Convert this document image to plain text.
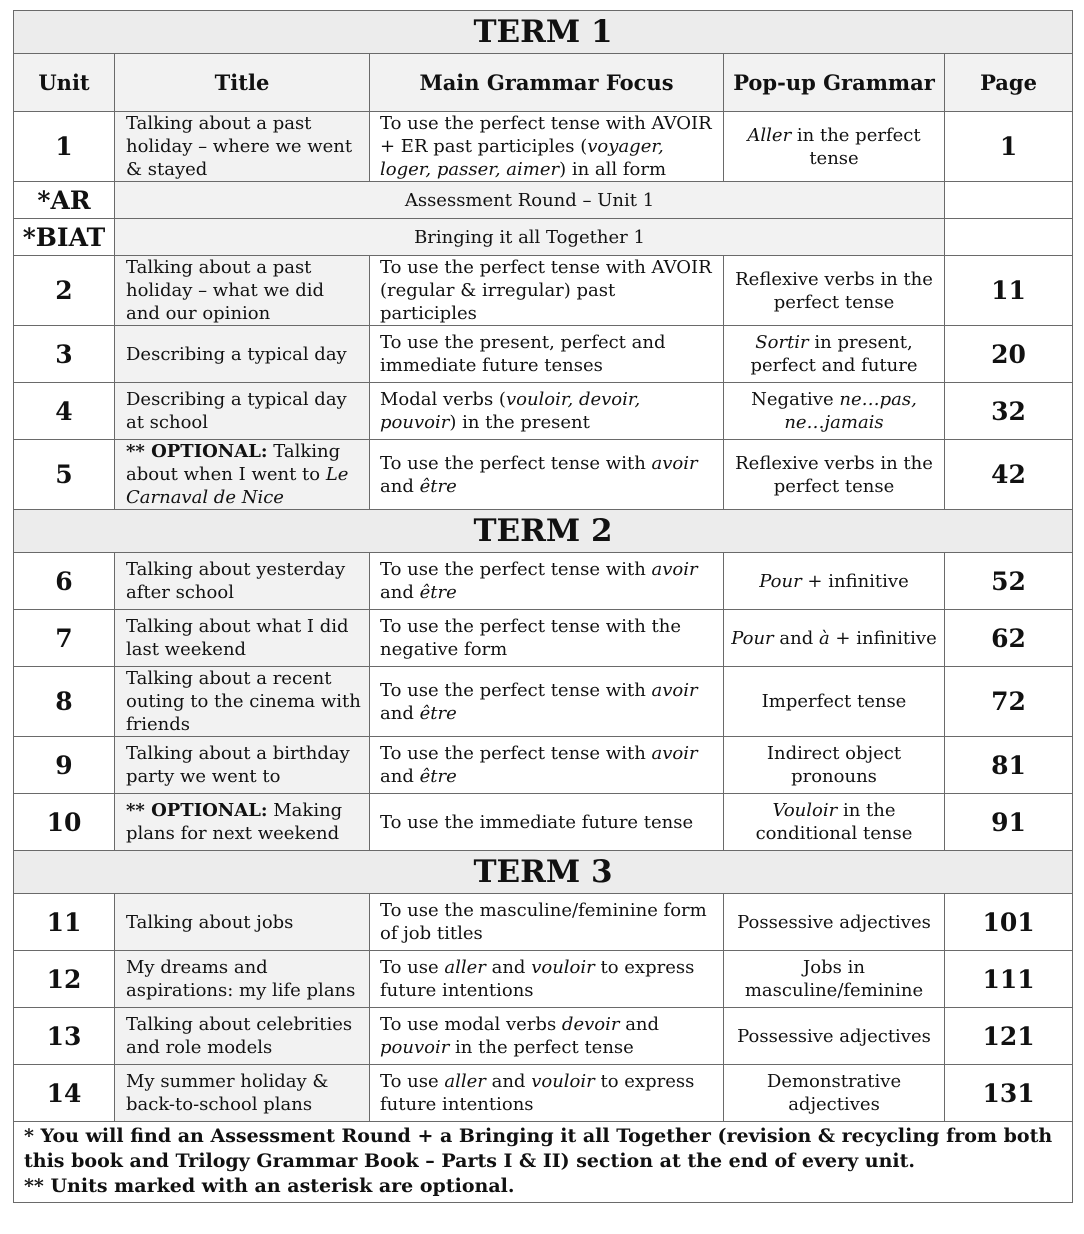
TERM 1				
Unit	Title	Main Grammar Focus	Pop-up Grammar	Page
1	Talking about a past holiday – where we went & stayed	To use the perfect tense with AVOIR + ER past participles (voyager, loger, passer, aimer) in all form	Aller in the perfect tense	1
*AR	Assessment Round – Unit 1			
*BIAT	Bringing it all Together 1			
2	Talking about a past holiday – what we did and our opinion	To use the perfect tense with AVOIR (regular & irregular) past participles	Reflexive verbs in the perfect tense	11
3	Describing a typical day	To use the present, perfect and immediate future tenses	Sortir in present, perfect and future	20
4	Describing a typical day at school	Modal verbs (vouloir, devoir, pouvoir) in the present	Negative ne…pas, ne…jamais	32
5	** OPTIONAL: Talking about when I went to Le Carnaval de Nice	To use the perfect tense with avoir and être	Reflexive verbs in the perfect tense	42
TERM 2				
6	Talking about yesterday after school	To use the perfect tense with avoir and être	Pour + infinitive	52
7	Talking about what I did last weekend	To use the perfect tense with the negative form	Pour and à + infinitive	62
8	Talking about a recent outing to the cinema with friends	To use the perfect tense with avoir and être	Imperfect tense	72
9	Talking about a birthday party we went to	To use the perfect tense with avoir and être	Indirect object pronouns	81
10	** OPTIONAL: Making plans for next weekend	To use the immediate future tense	Vouloir in the conditional tense	91
TERM 3				
11	Talking about jobs	To use the masculine/feminine form of job titles	Possessive adjectives	101
12	My dreams and aspirations: my life plans	To use aller and vouloir to express future intentions	Jobs in masculine/feminine	111
13	Talking about celebrities and role models	To use modal verbs devoir and pouvoir in the perfect tense	Possessive adjectives	121
14	My summer holiday & back-to-school plans	To use aller and vouloir to express future intentions	Demonstrative adjectives	131

* You will find an Assessment Round + a Bringing it all Together (revision & recycling from both this book and Trilogy Grammar Book – Parts I & II) section at the end of every unit.
** Units marked with an asterisk are optional.				
